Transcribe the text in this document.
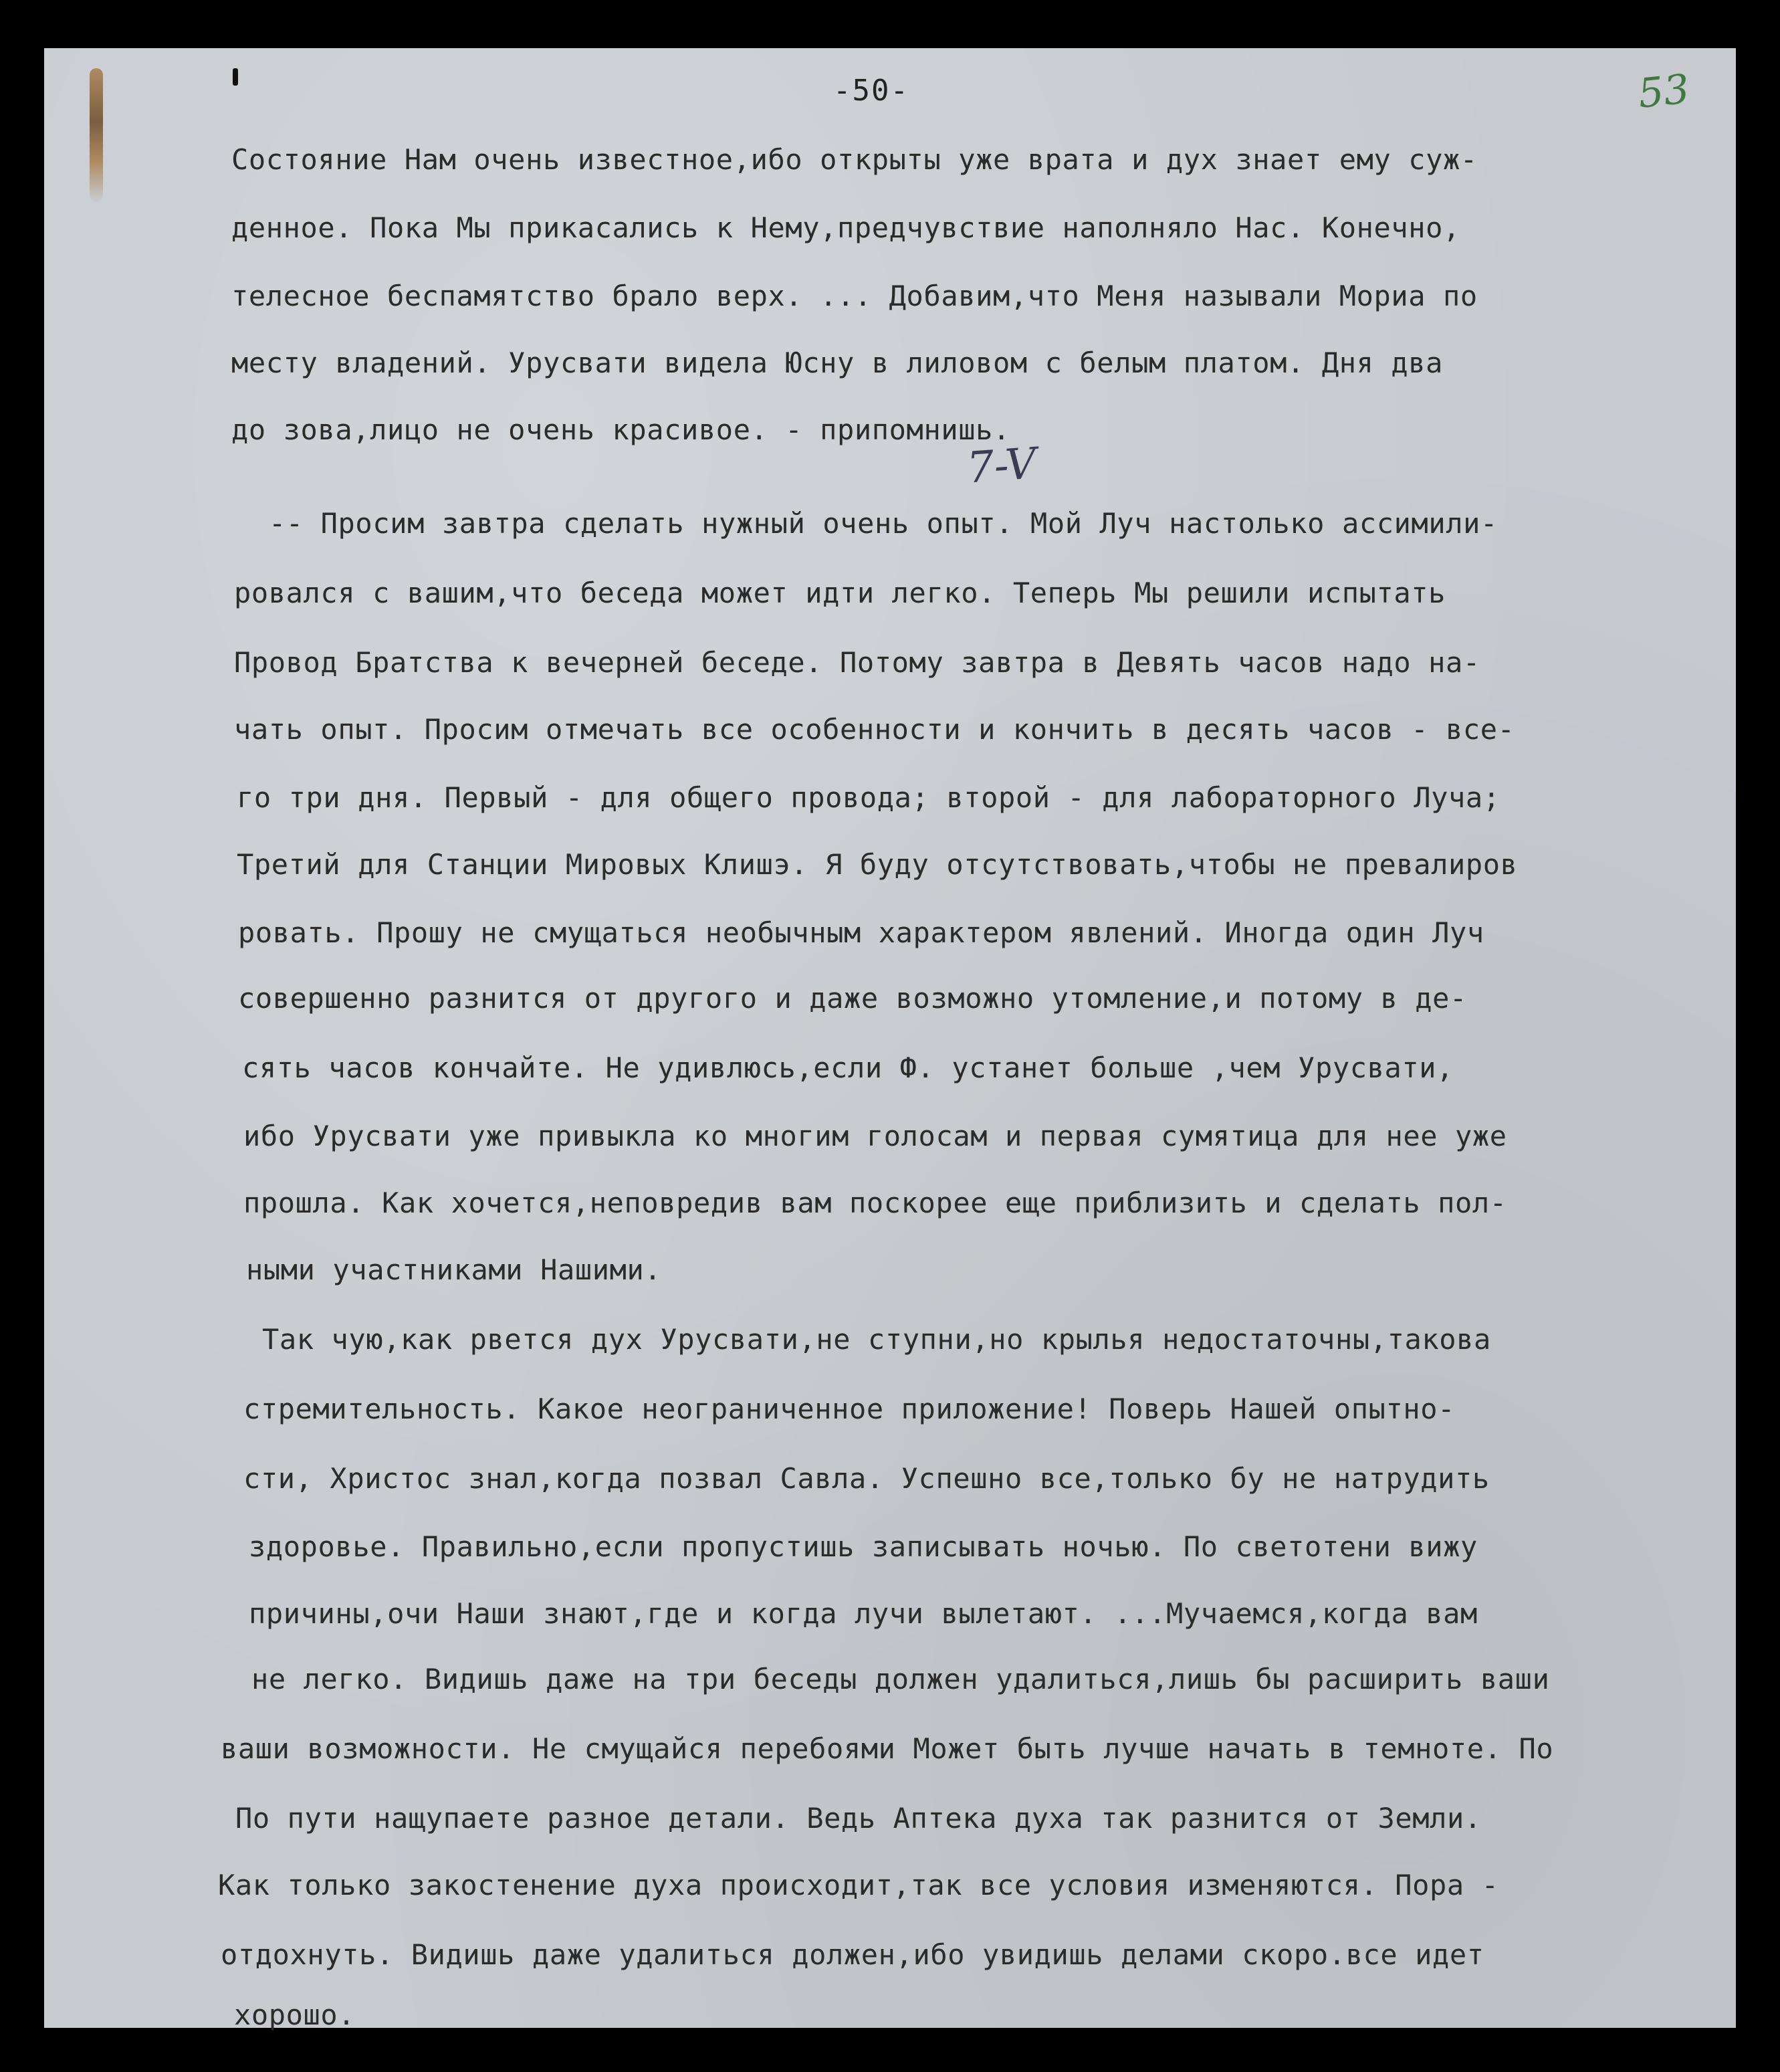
-50-	53
7-V
Состояние Нам очень известное,ибо открыты уже врата и дух знает ему суж-
денное. Пока Мы прикасались к Нему,предчувствие наполняло Нас. Конечно,
телесное беспамятство брало верх. ... Добавим,что Меня называли Мориа по
месту владений. Урусвати видела Юсну в лиловом с белым платом. Дня два
до зова,лицо не очень красивое. - припомнишь.
-- Просим завтра сделать нужный очень опыт. Мой Луч настолько ассимили-
ровался с вашим,что беседа может идти легко. Теперь Мы решили испытать
Провод Братства к вечерней беседе. Потому завтра в Девять часов надо на-
чать опыт. Просим отмечать все особенности и кончить в десять часов - все-
го три дня. Первый - для общего провода; второй - для лабораторного Луча;
Третий для Станции Мировых Клишэ. Я буду отсутствовать,чтобы не превалиров
ровать. Прошу не смущаться необычным характером явлений. Иногда один Луч
совершенно разнится от другого и даже возможно утомление,и потому в де-
сять часов кончайте. Не удивлюсь,если Ф. устанет больше ,чем Урусвати,
ибо Урусвати уже привыкла ко многим голосам и первая сумятица для нее уже
прошла. Как хочется,неповредив вам поскорее еще приблизить и сделать пол-
ными участниками Нашими.
Так чую,как рвется дух Урусвати,не ступни,но крылья недостаточны,такова
стремительность. Какое неограниченное приложение! Поверь Нашей опытно-
сти, Христос знал,когда позвал Савла. Успешно все,только бу не натрудить
здоровье. Правильно,если пропустишь записывать ночью. По светотени вижу
причины,очи Наши знают,где и когда лучи вылетают. ...Мучаемся,когда вам
не легко. Видишь даже на три беседы должен удалиться,лишь бы расширить ваши
ваши возможности. Не смущайся перебоями Может быть лучше начать в темноте. По
По пути нащупаете разное детали. Ведь Аптека духа так разнится от Земли.
Как только закостенение духа происходит,так все условия изменяются. Пора -
отдохнуть. Видишь даже удалиться должен,ибо увидишь делами скоро.все идет
хорошо.
